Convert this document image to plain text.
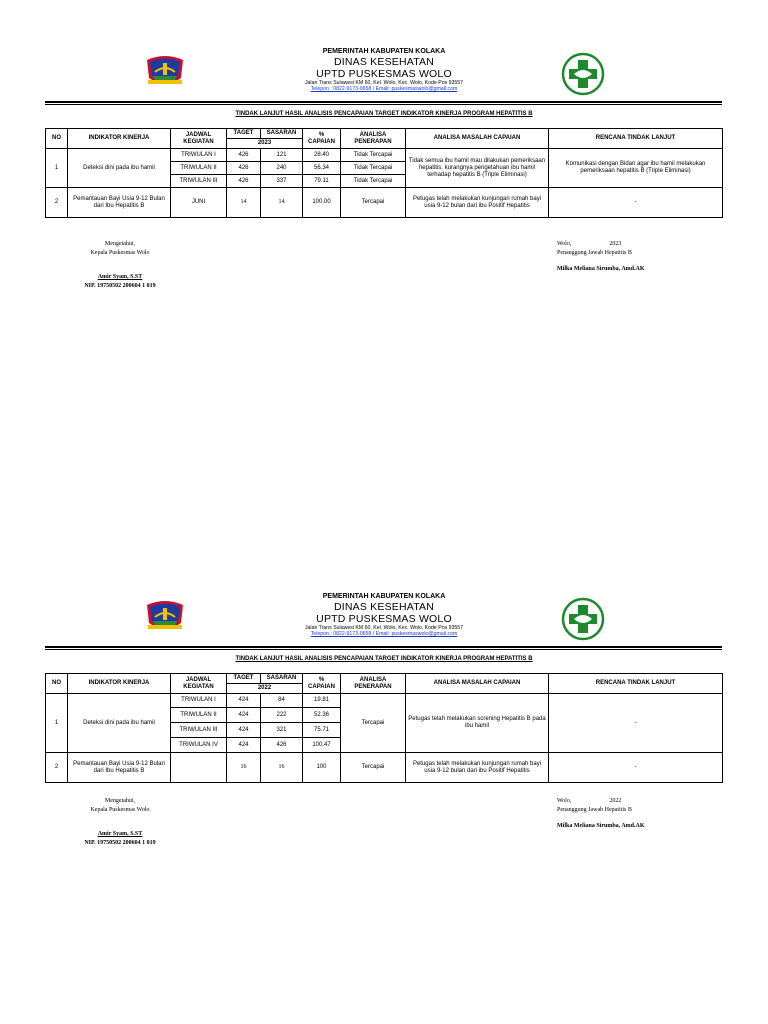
PEMERINTAH KABUPATEN KOLAKA
DINAS KESEHATAN
UPTD PUSKESMAS WOLO
Jalan Trans Sulawesi KM 60, Kel. Wolo, Kec. Wolo, Kode Pos 93557
Telepon : 0822-9173-0658 / Email: puskesmaswolo@gmail.com
TINDAK LANJUT HASIL ANALISIS PENCAPAIAN TARGET INDIKATOR KINERJA PROGRAM HEPATITIS B
NO	INDIKATOR KINERJA	JADWAL KEGIATAN	TAGET	SASARAN	% CAPAIAN	ANALISA PENERAPAN	ANALISA MASALAH CAPAIAN	RENCANA TINDAK LANJUT
			2023					
1	Deteksi dini pada ibu hamil	TRIWULAN I	426	121	28.40	Tidak Tercapai	Tidak semua ibu hamil mau dilakukan pemeriksaan hepatitis, kurangnya pengetahuan ibu hamil terhadap hepatitis B (Triple Eliminasi)	Komunikasi dengan Bidan agar ibu hamil melakukan pemeriksaan hepatitis B (Triple Eliminasi)
		TRIWULAN II	426	240	56.34	Tidak Tercapai		
		TRIWULAN III	426	337	79.11	Tidak Tercapai		
2	Pemantauan Bayi Usia 9-12 Bulan dari Ibu Hepatitis B	JUNI	14	14	100.00	Tercapai	Petugas telah melakukan kunjungan rumah bayi usia 9-12 bulan dari ibu Positif Hepatitis	-
Mengetahui,
Kepala Puskesmas Wolo
Amir Syam, S.ST
NIP. 19750502 200604 1 019
Wolo,	2023
Penanggung Jawab Hepatitis B
Milka Meliana Sirumba, Amd.AK
PEMERINTAH KABUPATEN KOLAKA
DINAS KESEHATAN
UPTD PUSKESMAS WOLO
Jalan Trans Sulawesi KM 60, Kel. Wolo, Kec. Wolo, Kode Pos 93557
Telepon : 0822-9173-0658 / Email: puskesmaswolo@gmail.com
TINDAK LANJUT HASIL ANALISIS PENCAPAIAN TARGET INDIKATOR KINERJA PROGRAM HEPATITIS B
NO	INDIKATOR KINERJA	JADWAL KEGIATAN	TAGET	SASARAN	% CAPAIAN	ANALISA PENERAPAN	ANALISA MASALAH CAPAIAN	RENCANA TINDAK LANJUT
			2022					
1	Deteksi dini pada ibu hamil	TRIWULAN I	424	84	19.81	Tercapai	Petugas telah melakukan screning Hepatitis B pada ibu hamil	-
		TRIWULAN II	424	222	52.36			
		TRIWULAN III	424	321	75.71			
		TRIWULAN IV	424	426	100.47			
2	Pemantauan Bayi Usia 9-12 Bulan dari Ibu Hepatitis B		16	16	100	Tercapai	Petugas telah melakukan kunjungan rumah bayi usia 9-12 bulan dari ibu Positif Hepatitis	-
Mengetahui,
Kepala Puskesmas Wolo
Amir Syam, S.ST
NIP. 19750502 200604 1 019
Wolo,	2022
Penanggung Jawab Hepatitis B
Milka Meliana Sirumba, Amd.AK
